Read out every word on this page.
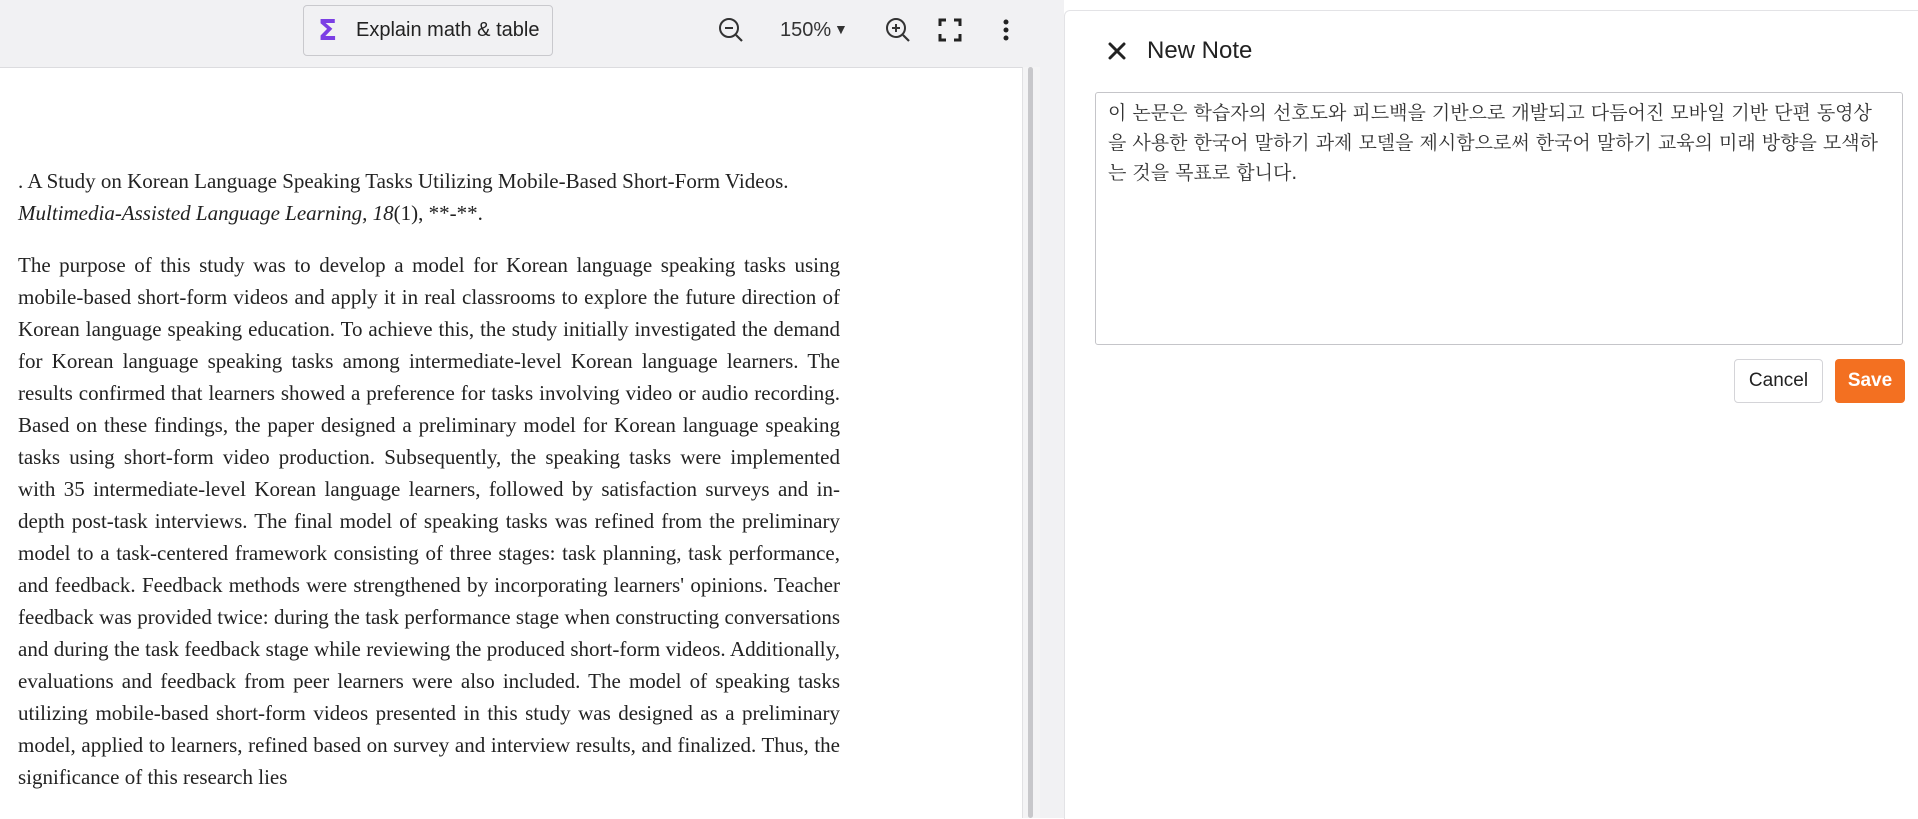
. A Study on Korean Language Speaking Tasks Utilizing Mobile-Based Short-Form Videos.
Multimedia-Assisted Language Learning, 18(1), **-**.

The purpose of this study was to develop a model for Korean language speaking tasks using mobile-based short-form videos and apply it in real classrooms to explore the future direction of Korean language speaking education. To achieve this, the study initially investigated the demand for Korean language speaking tasks among intermediate-level Korean language learners. The results confirmed that learners showed a preference for tasks involving video or audio recording. Based on these findings, the paper designed a preliminary model for Korean language speaking tasks using short-form video production. Subsequently, the speaking tasks were implemented with 35 intermediate-level Korean language learners, followed by satisfaction surveys and in-depth post-task interviews. The final model of speaking tasks was refined from the preliminary model to a task-centered framework consisting of three stages: task planning, task performance, and feedback. Feedback methods were strengthened by incorporating learners' opinions. Teacher feedback was provided twice: during the task performance stage when constructing conversations and during the task feedback stage while reviewing the produced short-form videos. Additionally, evaluations and feedback from peer learners were also included. The model of speaking tasks utilizing mobile-based short-form videos presented in this study was designed as a preliminary model, applied to learners, refined based on survey and interview results, and finalized. Thus, the significance of this research lies

Σ Explain math & table	150% ▼
New Note
이 논문은 학습자의 선호도와 피드백을 기반으로 개발되고 다듬어진 모바일 기반 단편 동영상을 사용한 한국어 말하기 과제 모델을 제시함으로써 한국어 말하기 교육의 미래 방향을 모색하는 것을 목표로 합니다.
Cancel	Save
